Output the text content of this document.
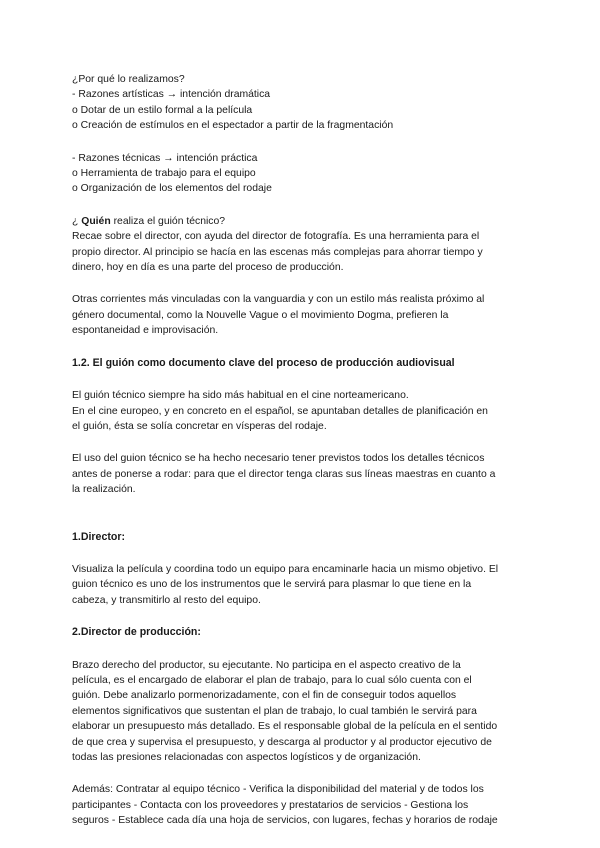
¿Por qué lo realizamos?
- Razones artísticas → intención dramática
o Dotar de un estilo formal a la película
o Creación de estímulos en el espectador a partir de la fragmentación
- Razones técnicas → intención práctica
o Herramienta de trabajo para el equipo
o Organización de los elementos del rodaje
¿ Quién realiza el guión técnico?
Recae sobre el director, con ayuda del director de fotografía. Es una herramienta para el
propio director. Al principio se hacía en las escenas más complejas para ahorrar tiempo y
dinero, hoy en día es una parte del proceso de producción.
Otras corrientes más vinculadas con la vanguardia y con un estilo más realista próximo al
género documental, como la Nouvelle Vague o el movimiento Dogma, prefieren la
espontaneidad e improvisación.
1.2. El guión como documento clave del proceso de producción audiovisual
El guión técnico siempre ha sido más habitual en el cine norteamericano.
En el cine europeo, y en concreto en el español, se apuntaban detalles de planificación en
el guión, ésta se solía concretar en vísperas del rodaje.
El uso del guion técnico se ha hecho necesario tener previstos todos los detalles técnicos
antes de ponerse a rodar: para que el director tenga claras sus líneas maestras en cuanto a
la realización.
1.Director:
Visualiza la película y coordina todo un equipo para encaminarle hacia un mismo objetivo. El
guion técnico es uno de los instrumentos que le servirá para plasmar lo que tiene en la
cabeza, y transmitirlo al resto del equipo.
2.Director de producción:
Brazo derecho del productor, su ejecutante. No participa en el aspecto creativo de la
película, es el encargado de elaborar el plan de trabajo, para lo cual sólo cuenta con el
guión. Debe analizarlo pormenorizadamente, con el fin de conseguir todos aquellos
elementos significativos que sustentan el plan de trabajo, lo cual también le servirá para
elaborar un presupuesto más detallado. Es el responsable global de la película en el sentido
de que crea y supervisa el presupuesto, y descarga al productor y al productor ejecutivo de
todas las presiones relacionadas con aspectos logísticos y de organización.
Además: Contratar al equipo técnico - Verifica la disponibilidad del material y de todos los
participantes - Contacta con los proveedores y prestatarios de servicios - Gestiona los
seguros - Establece cada día una hoja de servicios, con lugares, fechas y horarios de rodaje
